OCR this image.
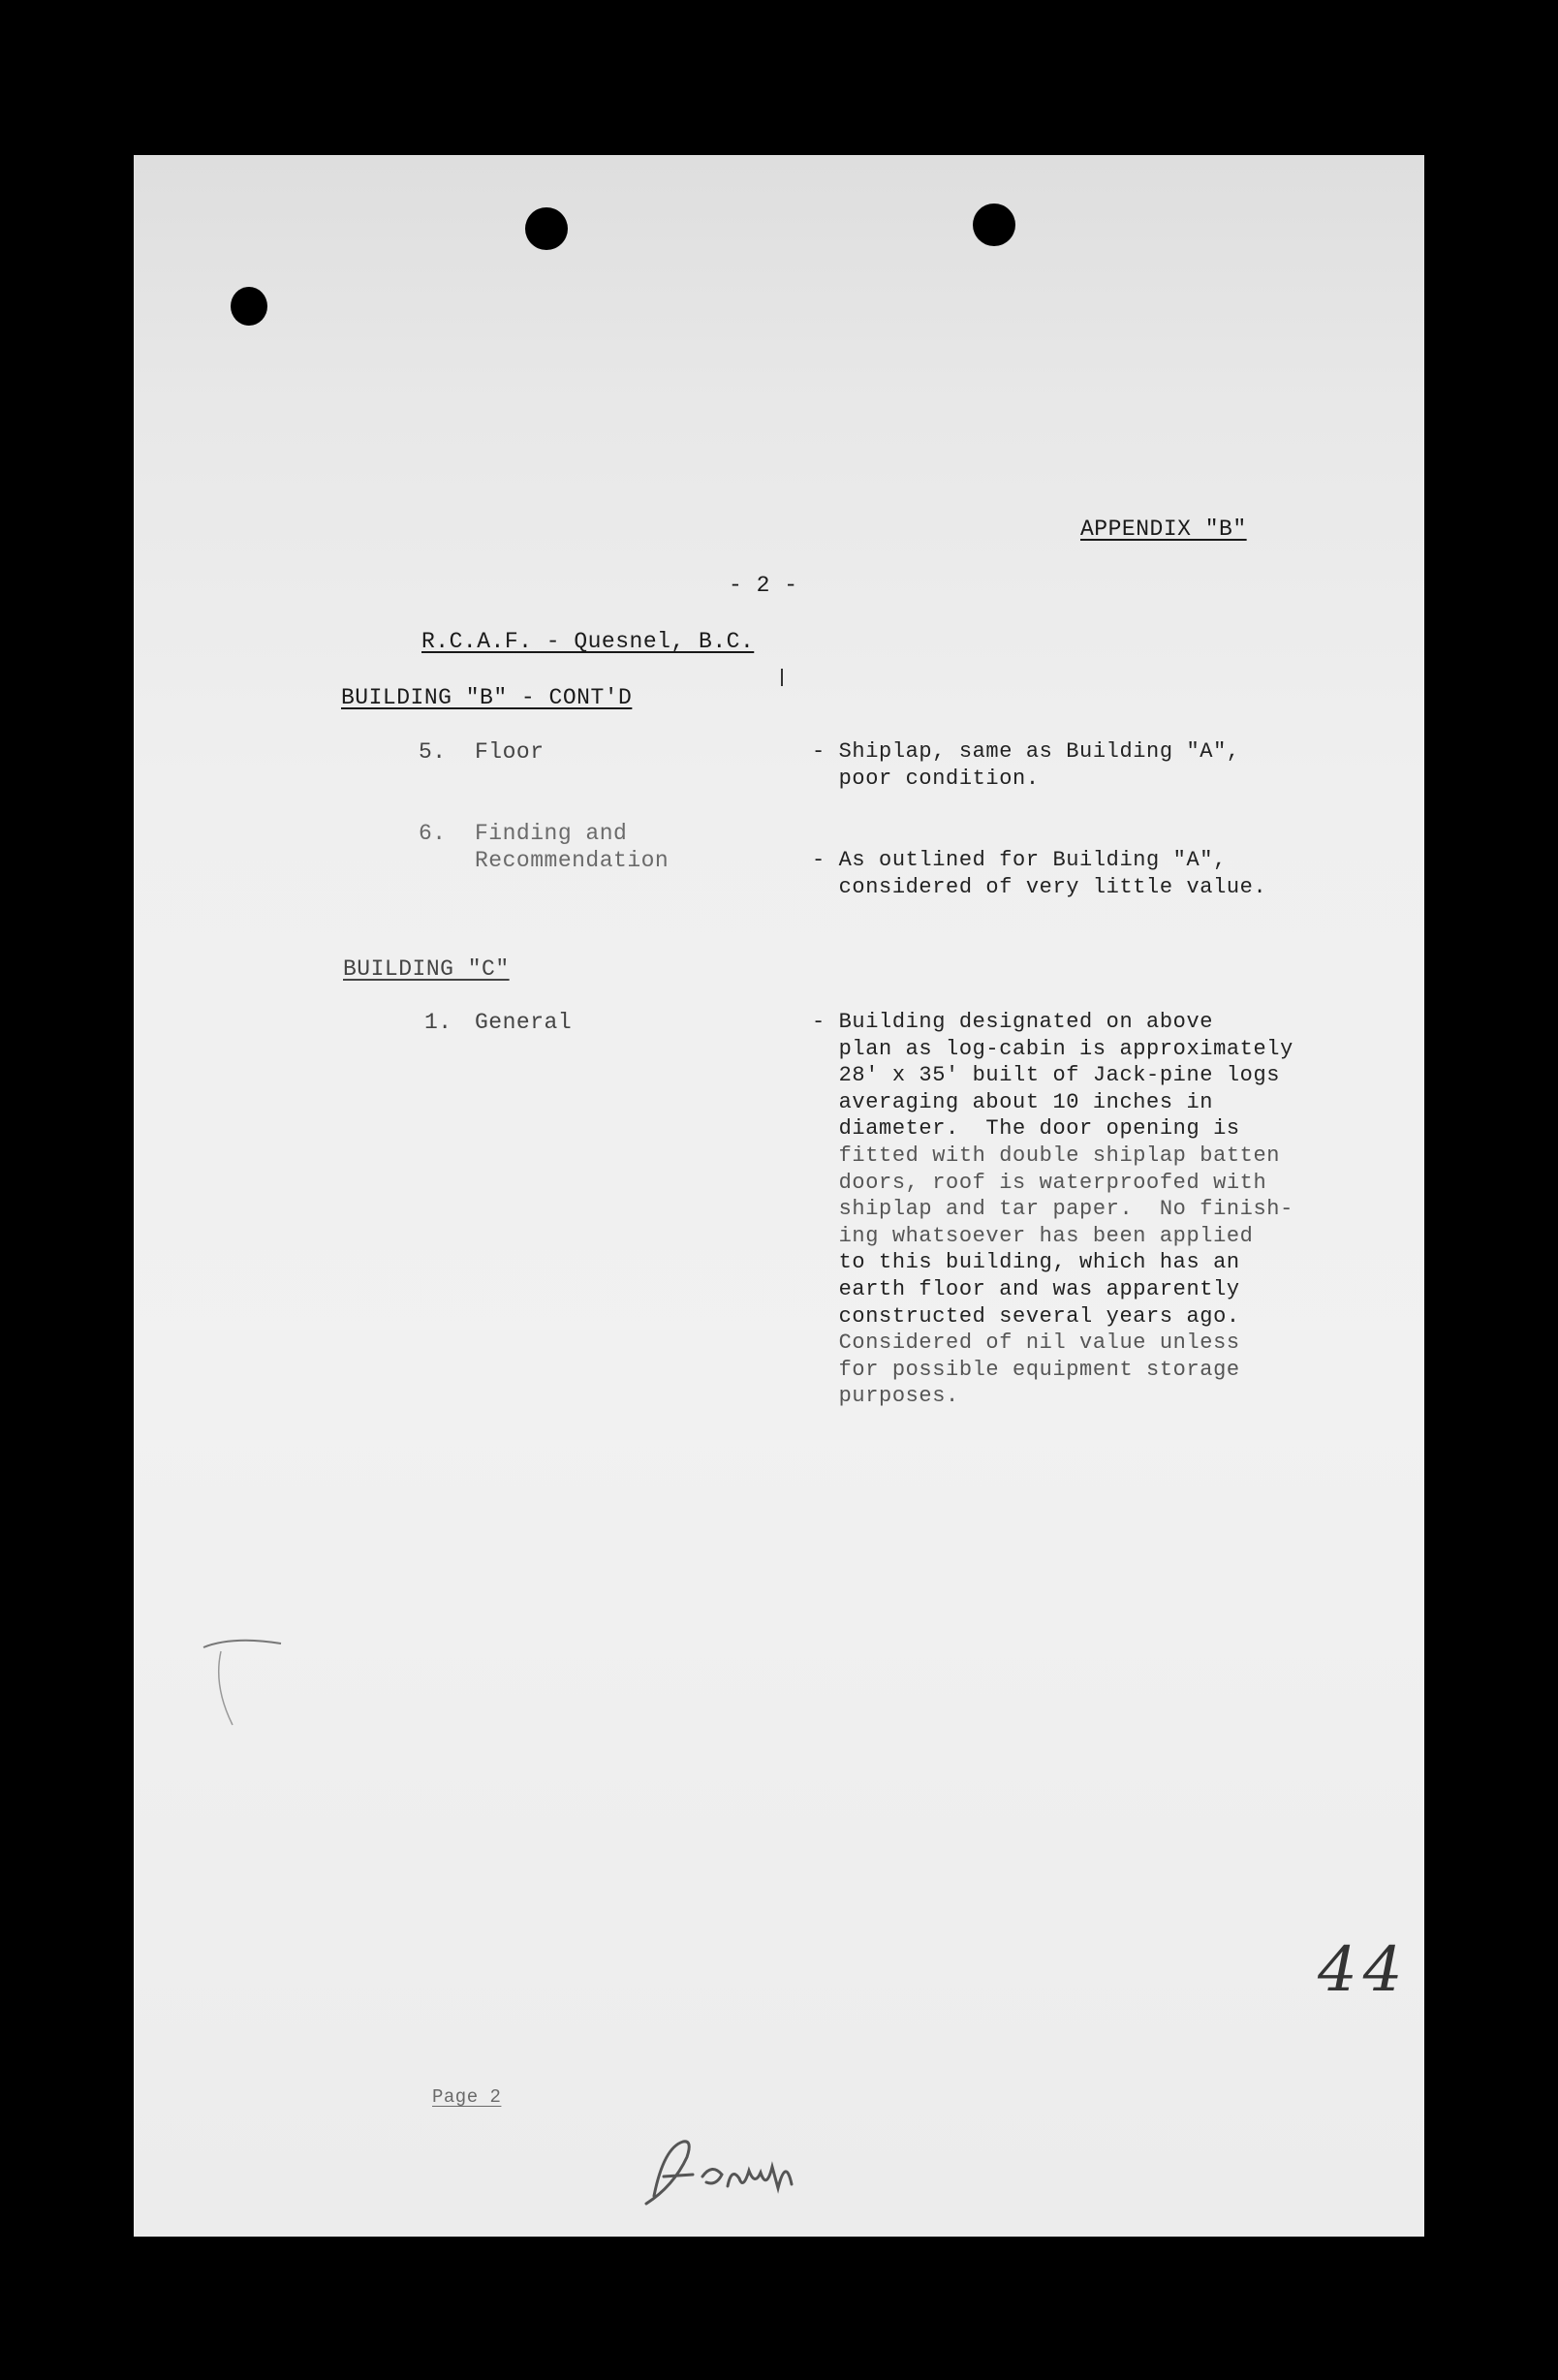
APPENDIX "B"
- 2 -
R.C.A.F. - Quesnel, B.C.
BUILDING "B" - CONT'D
5. Floor	- Shiplap, same as Building "A",
poor condition.
6. Finding and
Recommendation	- As outlined for Building "A",
considered of very little value.
BUILDING "C"
1. General	- Building designated on above
plan as log-cabin is approximately
28' x 35' built of Jack-pine logs
averaging about 10 inches in
diameter.  The door opening is
fitted with double shiplap batten
doors, roof is waterproofed with
shiplap and tar paper.  No finish-
ing whatsoever has been applied
to this building, which has an
earth floor and was apparently
constructed several years ago.
Considered of nil value unless
for possible equipment storage
purposes.
44
Page 2
